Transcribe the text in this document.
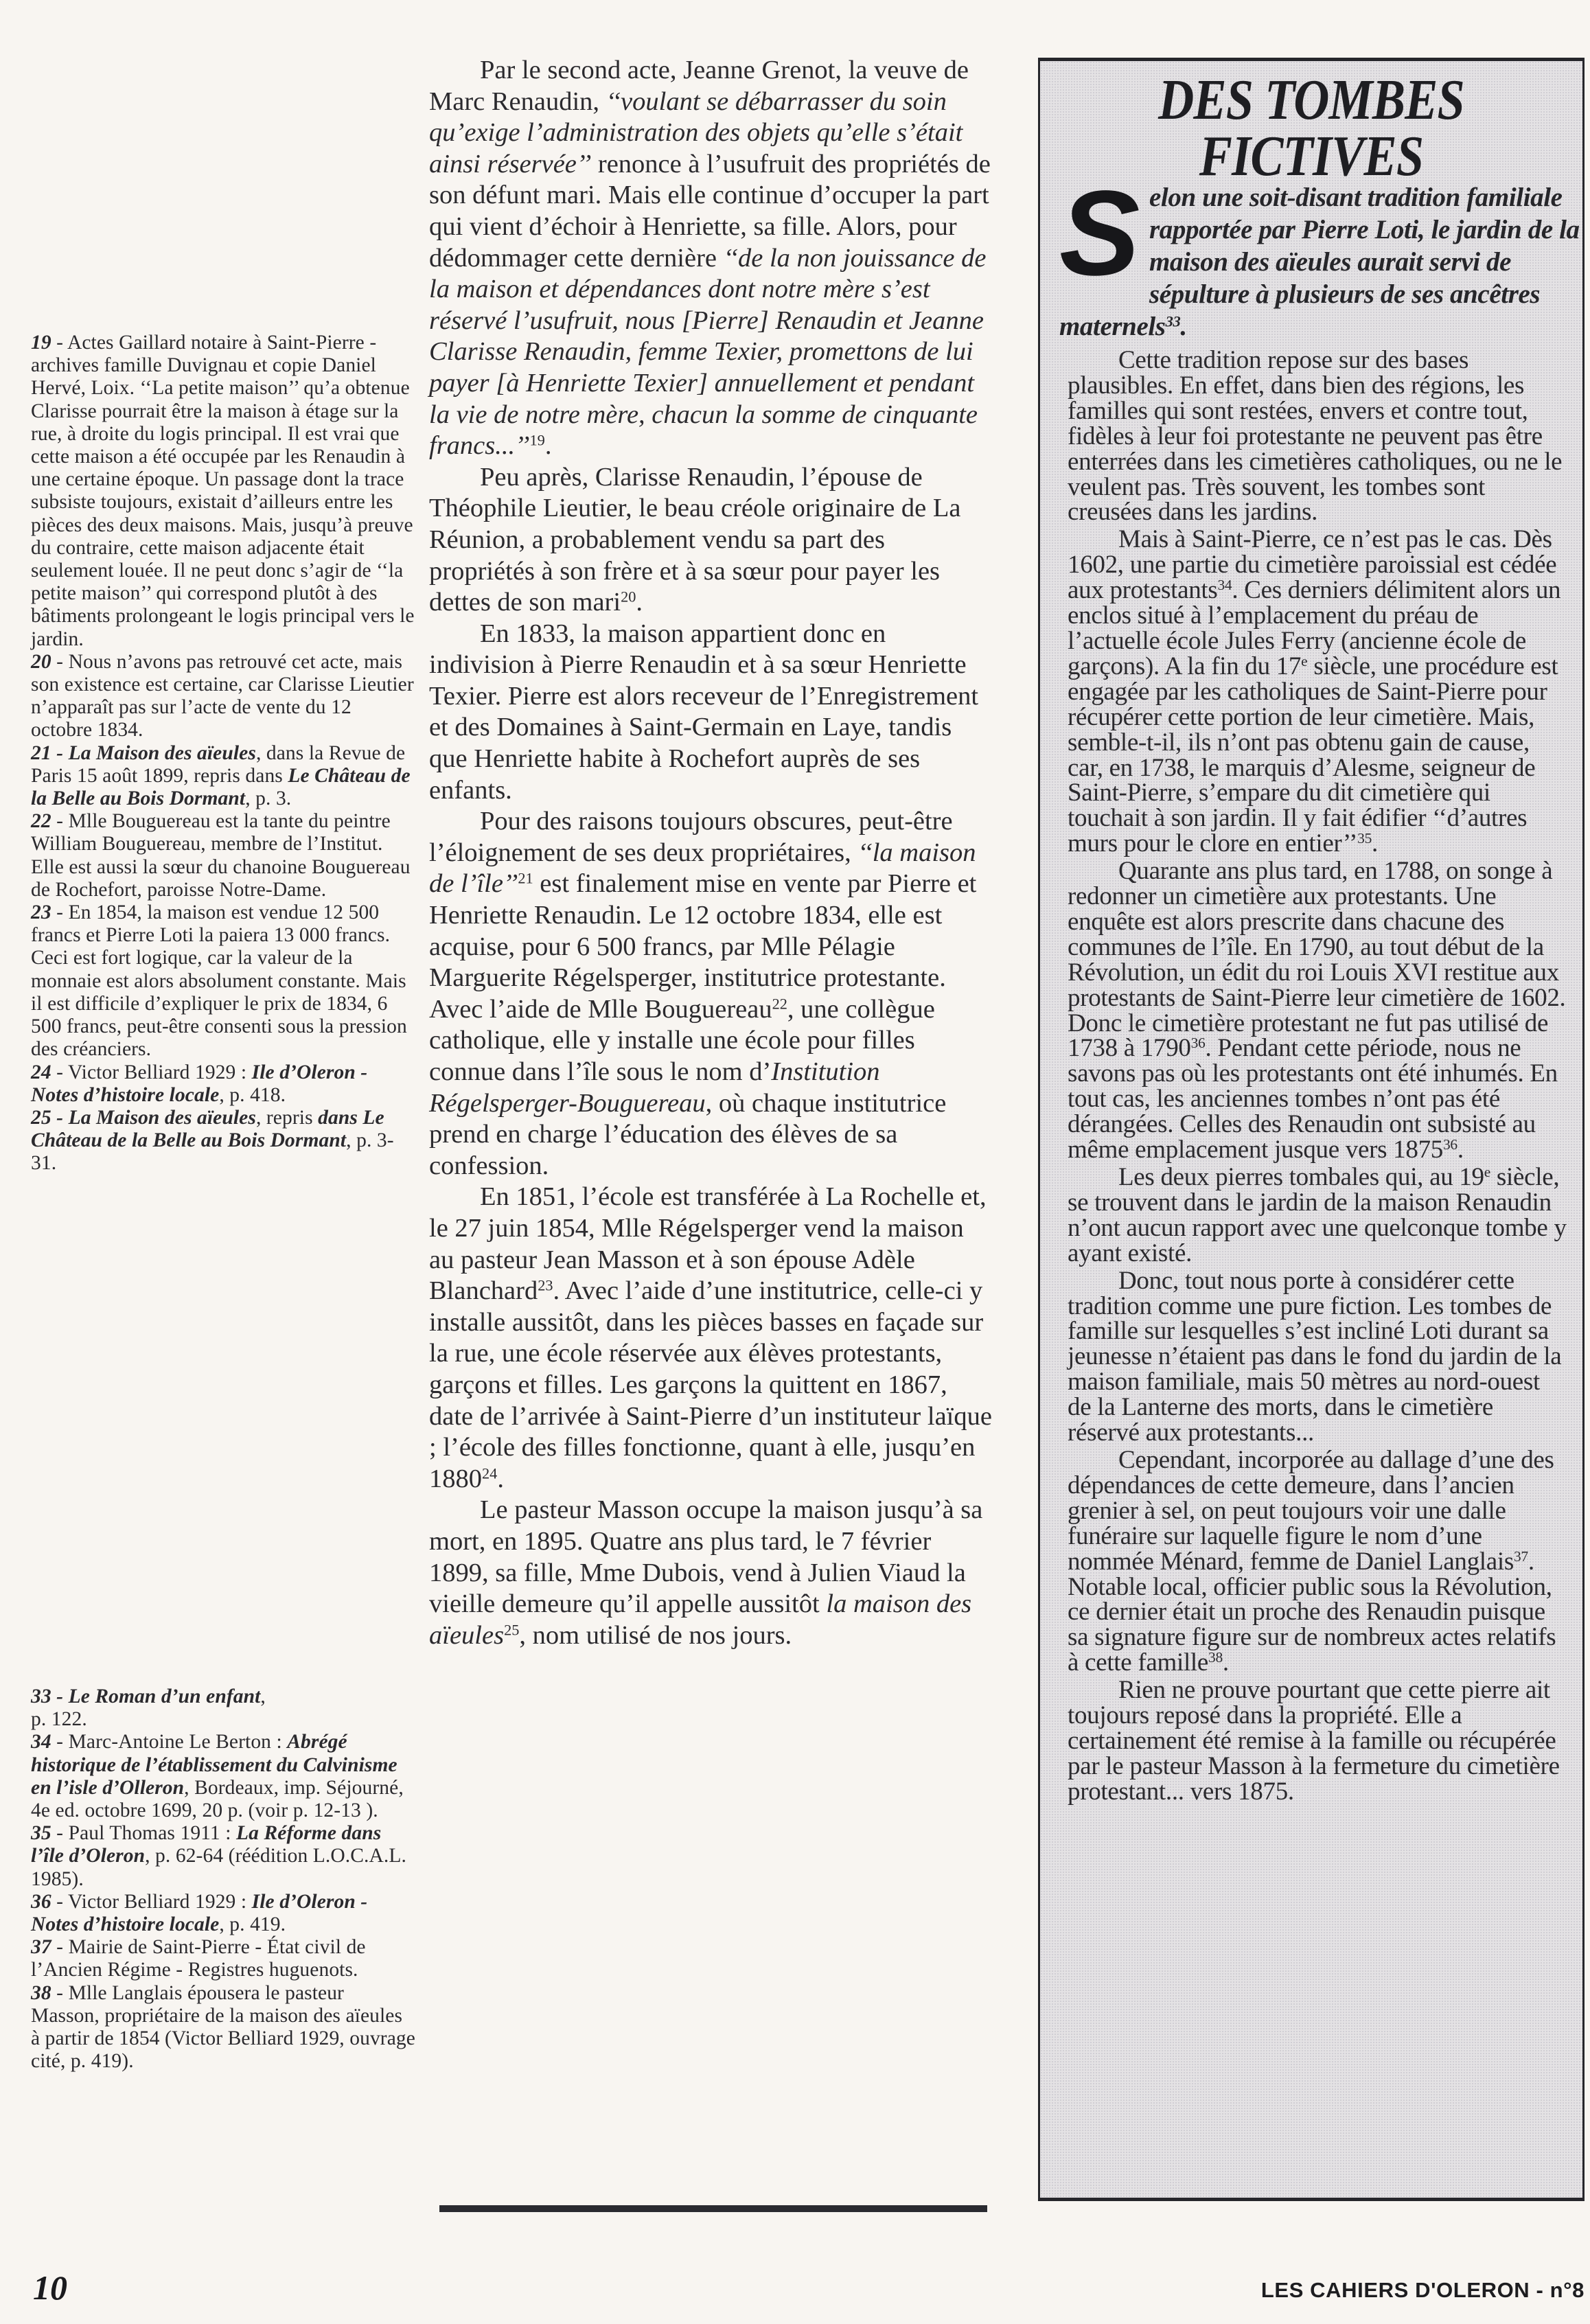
19 - Actes Gaillard notaire à Saint-Pierre - archives famille Duvignau et copie Daniel Hervé, Loix. ‘‘La petite maison’’ qu’a obtenue Clarisse pourrait être la maison à étage sur la rue, à droite du logis principal. Il est vrai que cette maison a été occupée par les Renaudin à une certaine époque. Un passage dont la trace subsiste toujours, existait d’ailleurs entre les pièces des deux maisons. Mais, jusqu’à preuve du contraire, cette maison adjacente était seulement louée. Il ne peut donc s’agir de ‘‘la petite maison’’ qui correspond plutôt à des bâtiments prolongeant le logis principal vers le jardin.

20 - Nous n’avons pas retrouvé cet acte, mais son existence est certaine, car Clarisse Lieutier n’apparaît pas sur l’acte de vente du 12 octobre 1834.

21 - La Maison des aïeules, dans la Revue de Paris 15 août 1899, repris dans Le Château de la Belle au Bois Dormant, p. 3.

22 - Mlle Bouguereau est la tante du peintre William Bouguereau, membre de l’Institut. Elle est aussi la sœur du chanoine Bouguereau de Rochefort, paroisse Notre-Dame.

23 - En 1854, la maison est vendue 12 500 francs et Pierre Loti la paiera 13 000 francs. Ceci est fort logique, car la valeur de la monnaie est alors absolument constante. Mais il est difficile d’expliquer le prix de 1834, 6 500 francs, peut-être consenti sous la pression des créanciers.

24 - Victor Belliard 1929 : Ile d’Oleron - Notes d’histoire locale, p. 418.

25 - La Maison des aïeules, repris dans Le Château de la Belle au Bois Dormant, p. 3-31.

33 - Le Roman d’un enfant,
p. 122.

34 - Marc-Antoine Le Berton : Abrégé historique de l’établissement du Calvinisme en l’isle d’Olleron, Bordeaux, imp. Séjourné, 4e ed. octobre 1699, 20 p. (voir p. 12-13 ).

35 - Paul Thomas 1911 : La Réforme dans l’île d’Oleron, p. 62-64 (réédition L.O.C.A.L. 1985).

36 - Victor Belliard 1929 : Ile d’Oleron - Notes d’histoire locale, p. 419.

37 - Mairie de Saint-Pierre - État civil de l’Ancien Régime - Registres huguenots.

38 - Mlle Langlais épousera le pasteur Masson, propriétaire de la maison des aïeules à partir de 1854 (Victor Belliard 1929, ouvrage cité, p. 419).

Par le second acte, Jeanne Grenot, la veuve de Marc Renaudin, ‘‘voulant se débarrasser du soin qu’exige l’administration des objets qu’elle s’était ainsi réservée’’ renonce à l’usufruit des propriétés de son défunt mari. Mais elle continue d’occuper la part qui vient d’échoir à Henriette, sa fille. Alors, pour dédommager cette dernière ‘‘de la non jouissance de la maison et dépendances dont notre mère s’est réservé l’usufruit, nous [Pierre] Renaudin et Jeanne Clarisse Renaudin, femme Texier, promettons de lui payer [à Henriette Texier] annuellement et pendant la vie de notre mère, chacun la somme de cinquante francs...’’$^{19}$.

Peu après, Clarisse Renaudin, l’épouse de Théophile Lieutier, le beau créole originaire de La Réunion, a probablement vendu sa part des propriétés à son frère et à sa sœur pour payer les dettes de son mari$^{20}$.

En 1833, la maison appartient donc en indivision à Pierre Renaudin et à sa sœur Henriette Texier. Pierre est alors receveur de l’Enregistrement et des Domaines à Saint-Germain en Laye, tandis que Henriette habite à Rochefort auprès de ses enfants.

Pour des raisons toujours obscures, peut-être l’éloignement de ses deux propriétaires, ‘‘la maison de l’île’’$^{21}$ est finalement mise en vente par Pierre et Henriette Renaudin. Le 12 octobre 1834, elle est acquise, pour 6 500 francs, par Mlle Pélagie Marguerite Régelsperger, institutrice protestante. Avec l’aide de Mlle Bouguereau$^{22}$, une collègue catholique, elle y installe une école pour filles connue dans l’île sous le nom d’Institution Régelsperger-Bouguereau, où chaque institutrice prend en charge l’éducation des élèves de sa confession.

En 1851, l’école est transférée à La Rochelle et, le 27 juin 1854, Mlle Régelsperger vend la maison au pasteur Jean Masson et à son épouse Adèle Blanchard$^{23}$. Avec l’aide d’une institutrice, celle-ci y installe aussitôt, dans les pièces basses en façade sur la rue, une école réservée aux élèves protestants, garçons et filles. Les garçons la quittent en 1867, date de l’arrivée à Saint-Pierre d’un instituteur laïque ; l’école des filles fonctionne, quant à elle, jusqu’en 1880$^{24}$.

Le pasteur Masson occupe la maison jusqu’à sa mort, en 1895. Quatre ans plus tard, le 7 février 1899, sa fille, Mme Dubois, vend à Julien Viaud la vieille demeure qu’il appelle aussitôt la maison des aïeules$^{25}$, nom utilisé de nos jours.

DES TOMBES
FICTIVES
Selon une soit-disant tradition familiale rapportée par Pierre Loti, le jardin de la maison des aïeules aurait servi de sépulture à plusieurs de ses ancêtres maternels$^{33}$.

Cette tradition repose sur des bases plausibles. En effet, dans bien des régions, les familles qui sont restées, envers et contre tout, fidèles à leur foi protestante ne peuvent pas être enterrées dans les cimetières catholiques, ou ne le veulent pas. Très souvent, les tombes sont creusées dans les jardins.

Mais à Saint-Pierre, ce n’est pas le cas. Dès 1602, une partie du cimetière paroissial est cédée aux protestants$^{34}$. Ces derniers délimitent alors un enclos situé à l’emplacement du préau de l’actuelle école Jules Ferry (ancienne école de garçons). A la fin du 17e siècle, une procédure est engagée par les catholiques de Saint-Pierre pour récupérer cette portion de leur cimetière. Mais, semble-t-il, ils n’ont pas obtenu gain de cause, car, en 1738, le marquis d’Alesme, seigneur de Saint-Pierre, s’empare du dit cimetière qui touchait à son jardin. Il y fait édifier ‘‘d’autres murs pour le clore en entier’’$^{35}$.

Quarante ans plus tard, en 1788, on songe à redonner un cimetière aux protestants. Une enquête est alors prescrite dans chacune des communes de l’île. En 1790, au tout début de la Révolution, un édit du roi Louis XVI restitue aux protestants de Saint-Pierre leur cimetière de 1602. Donc le cimetière protestant ne fut pas utilisé de 1738 à 1790$^{36}$. Pendant cette période, nous ne savons pas où les protestants ont été inhumés. En tout cas, les anciennes tombes n’ont pas été dérangées. Celles des Renaudin ont subsisté au même emplacement jusque vers 1875$^{36}$.

Les deux pierres tombales qui, au 19e siècle, se trouvent dans le jardin de la maison Renaudin n’ont aucun rapport avec une quelconque tombe y ayant existé.

Donc, tout nous porte à considérer cette tradition comme une pure fiction. Les tombes de famille sur lesquelles s’est incliné Loti durant sa jeunesse n’étaient pas dans le fond du jardin de la maison familiale, mais 50 mètres au nord-ouest de la Lanterne des morts, dans le cimetière réservé aux protestants...

Cependant, incorporée au dallage d’une des dépendances de cette demeure, dans l’ancien grenier à sel, on peut toujours voir une dalle funéraire sur laquelle figure le nom d’une nommée Ménard, femme de Daniel Langlais$^{37}$. Notable local, officier public sous la Révolution, ce dernier était un proche des Renaudin puisque sa signature figure sur de nombreux actes relatifs à cette famille$^{38}$.

Rien ne prouve pourtant que cette pierre ait toujours reposé dans la propriété. Elle a certainement été remise à la famille ou récupérée par le pasteur Masson à la fermeture du cimetière protestant... vers 1875.

10	LES CAHIERS D'OLERON - n°8
